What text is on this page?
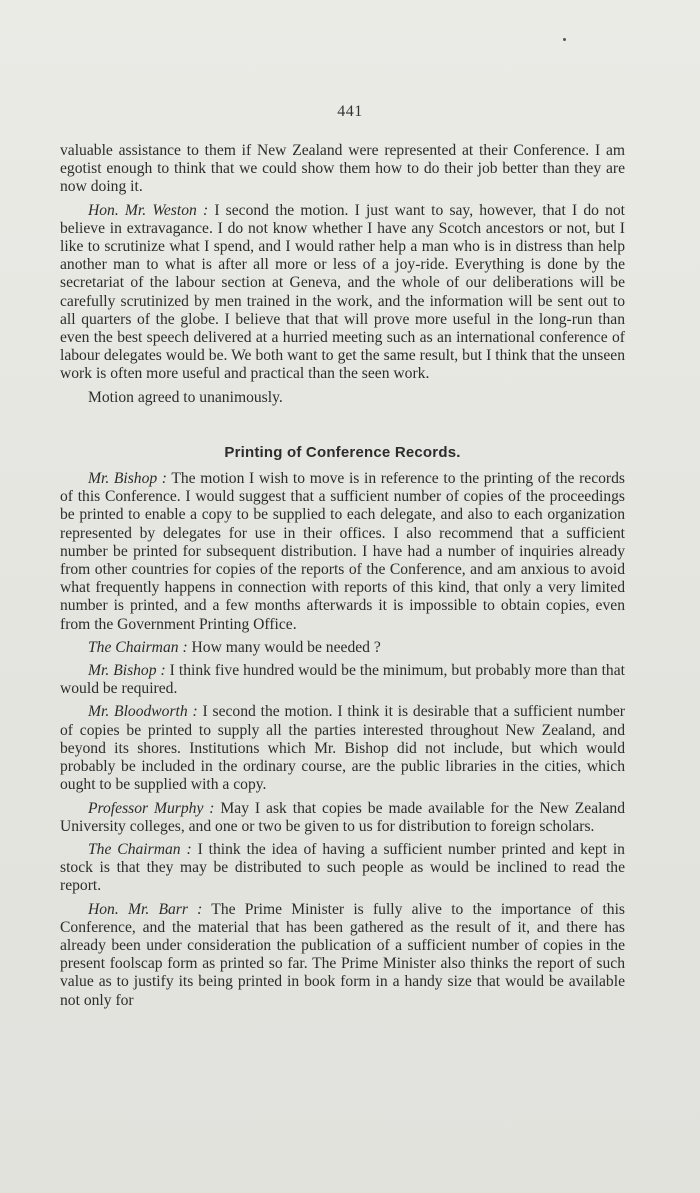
441

valuable assistance to them if New Zealand were represented at their Conference. I am egotist enough to think that we could show them how to do their job better than they are now doing it.

Hon. Mr. Weston : I second the motion. I just want to say, however, that I do not believe in extravagance. I do not know whether I have any Scotch ancestors or not, but I like to scrutinize what I spend, and I would rather help a man who is in distress than help another man to what is after all more or less of a joy-ride. Everything is done by the secretariat of the labour section at Geneva, and the whole of our deliberations will be carefully scrutinized by men trained in the work, and the information will be sent out to all quarters of the globe. I believe that that will prove more useful in the long-run than even the best speech delivered at a hurried meeting such as an international conference of labour delegates would be. We both want to get the same result, but I think that the unseen work is often more useful and practical than the seen work.

Motion agreed to unanimously.

Printing of Conference Records.

Mr. Bishop : The motion I wish to move is in reference to the printing of the records of this Conference. I would suggest that a sufficient number of copies of the proceedings be printed to enable a copy to be supplied to each delegate, and also to each organization represented by delegates for use in their offices. I also recommend that a sufficient number be printed for subsequent distribution. I have had a number of inquiries already from other countries for copies of the reports of the Conference, and am anxious to avoid what frequently happens in connection with reports of this kind, that only a very limited number is printed, and a few months afterwards it is impossible to obtain copies, even from the Government Printing Office.

The Chairman : How many would be needed ?

Mr. Bishop : I think five hundred would be the minimum, but probably more than that would be required.

Mr. Bloodworth : I second the motion. I think it is desirable that a sufficient number of copies be printed to supply all the parties interested throughout New Zealand, and beyond its shores. Institutions which Mr. Bishop did not include, but which would probably be included in the ordinary course, are the public libraries in the cities, which ought to be supplied with a copy.

Professor Murphy : May I ask that copies be made available for the New Zealand University colleges, and one or two be given to us for distribution to foreign scholars.

The Chairman : I think the idea of having a sufficient number printed and kept in stock is that they may be distributed to such people as would be inclined to read the report.

Hon. Mr. Barr : The Prime Minister is fully alive to the importance of this Conference, and the material that has been gathered as the result of it, and there has already been under consideration the publication of a sufficient number of copies in the present foolscap form as printed so far. The Prime Minister also thinks the report of such value as to justify its being printed in book form in a handy size that would be available not only for
